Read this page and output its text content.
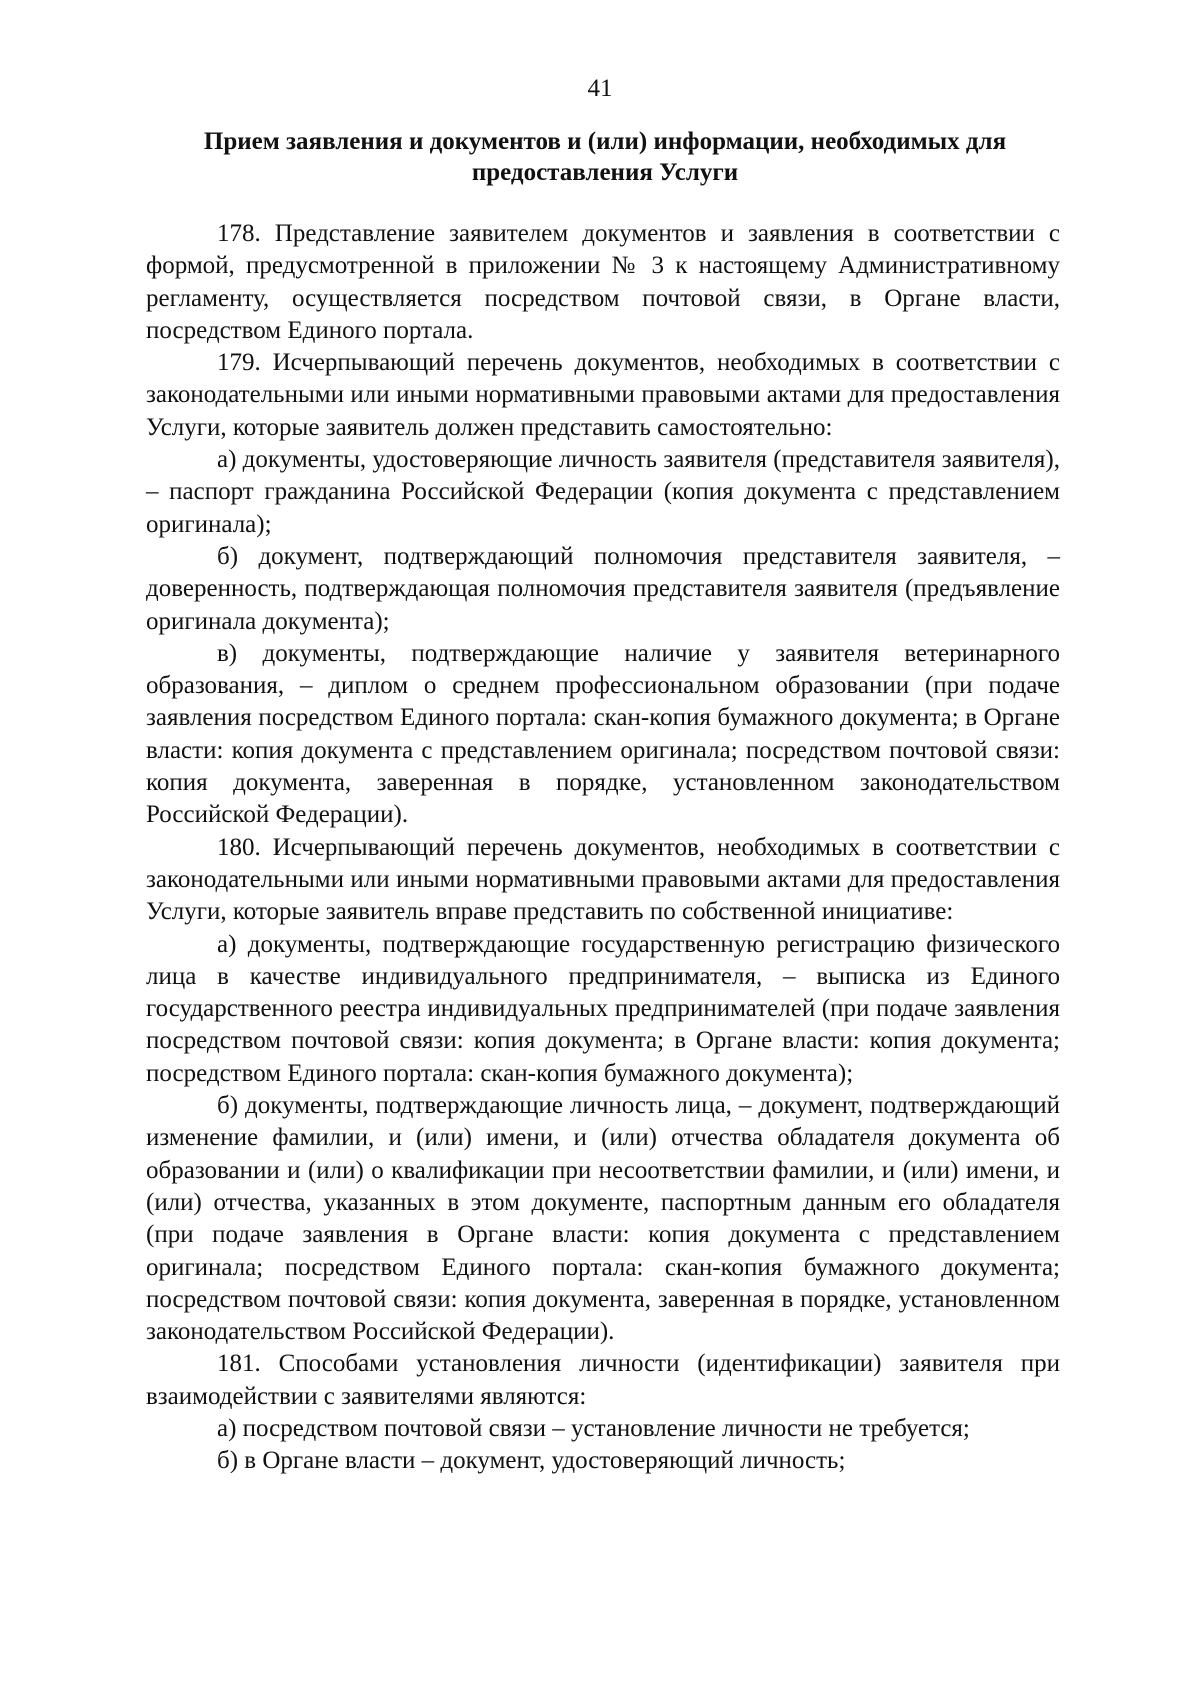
41
Прием заявления и документов и (или) информации, необходимых для предоставления Услуги

178. Представление заявителем документов и заявления в соответствии с формой, предусмотренной в приложении № 3 к настоящему Административному регламенту, осуществляется посредством почтовой связи, в Органе власти, посредством Единого портала.

179. Исчерпывающий перечень документов, необходимых в соответствии с законодательными или иными нормативными правовыми актами для предоставления Услуги, которые заявитель должен представить самостоятельно:

а) документы, удостоверяющие личность заявителя (представителя заявителя), – паспорт гражданина Российской Федерации (копия документа с представлением оригинала);

б) документ, подтверждающий полномочия представителя заявителя, – доверенность, подтверждающая полномочия представителя заявителя (предъявление оригинала документа);

в) документы, подтверждающие наличие у заявителя ветеринарного образования, – диплом о среднем профессиональном образовании (при подаче заявления посредством Единого портала: скан-копия бумажного документа; в Органе власти: копия документа с представлением оригинала; посредством почтовой связи: копия документа, заверенная в порядке, установленном законодательством Российской Федерации).

180. Исчерпывающий перечень документов, необходимых в соответствии с законодательными или иными нормативными правовыми актами для предоставления Услуги, которые заявитель вправе представить по собственной инициативе:

а) документы, подтверждающие государственную регистрацию физического лица в качестве индивидуального предпринимателя, – выписка из Единого государственного реестра индивидуальных предпринимателей (при подаче заявления посредством почтовой связи: копия документа; в Органе власти: копия документа; посредством Единого портала: скан-копия бумажного документа);

б) документы, подтверждающие личность лица, – документ, подтверждающий изменение фамилии, и (или) имени, и (или) отчества обладателя документа об образовании и (или) о квалификации при несоответствии фамилии, и (или) имени, и (или) отчества, указанных в этом документе, паспортным данным его обладателя (при подаче заявления в Органе власти: копия документа с представлением оригинала; посредством Единого портала: скан-копия бумажного документа; посредством почтовой связи: копия документа, заверенная в порядке, установленном законодательством Российской Федерации).

181. Способами установления личности (идентификации) заявителя при взаимодействии с заявителями являются:

а) посредством почтовой связи – установление личности не требуется;

б) в Органе власти – документ, удостоверяющий личность;
